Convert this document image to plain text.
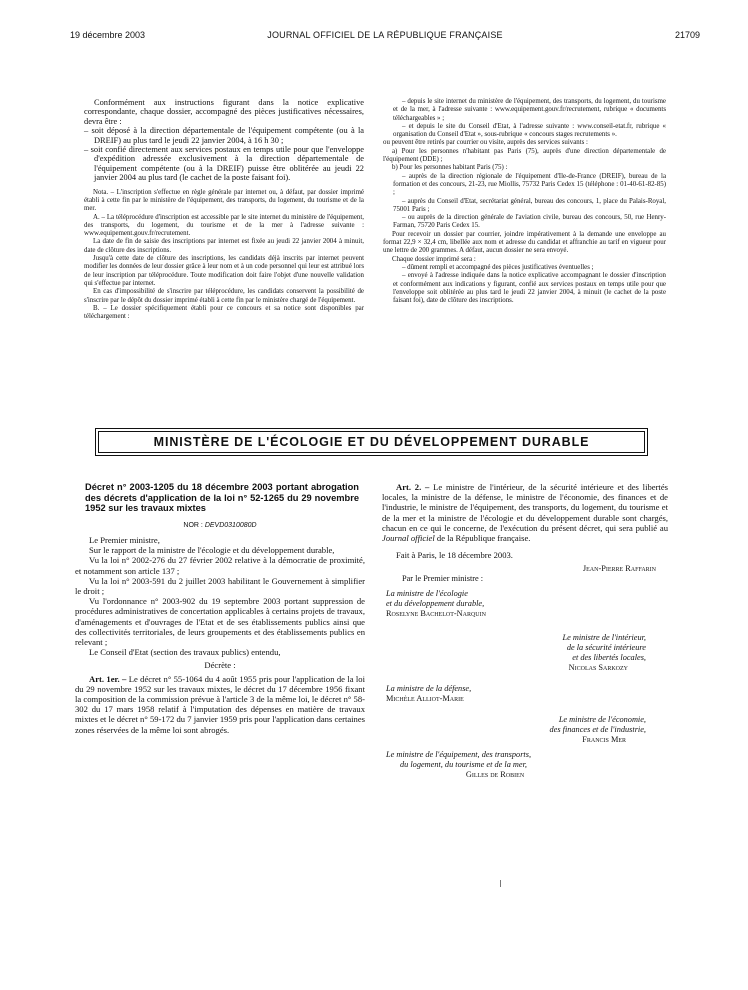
19 décembre 2003	JOURNAL OFFICIEL DE LA RÉPUBLIQUE FRANÇAISE	21709

Conformément aux instructions figurant dans la notice explicative correspondante, chaque dossier, accompagné des pièces justificatives nécessaires, devra être :

– soit déposé à la direction départementale de l'équipement compétente (ou à la DREIF) au plus tard le jeudi 22 janvier 2004, à 16 h 30 ;

– soit confié directement aux services postaux en temps utile pour que l'enveloppe d'expédition adressée exclusivement à la direction départementale de l'équipement compétente (ou à la DREIF) puisse être oblitérée au jeudi 22 janvier 2004 au plus tard (le cachet de la poste faisant foi).

Nota. – L'inscription s'effectue en règle générale par internet ou, à défaut, par dossier imprimé établi à cette fin par le ministère de l'équipement, des transports, du logement, du tourisme et de la mer.

A. – La téléprocédure d'inscription est accessible par le site internet du ministère de l'équipement, des transports, du logement, du tourisme et de la mer à l'adresse suivante : www.equipement.gouv.fr/recrutement.

La date de fin de saisie des inscriptions par internet est fixée au jeudi 22 janvier 2004 à minuit, date de clôture des inscriptions.

Jusqu'à cette date de clôture des inscriptions, les candidats déjà inscrits par internet peuvent modifier les données de leur dossier grâce à leur nom et à un code personnel qui leur est attribué lors de leur inscription par téléprocédure. Toute modification doit faire l'objet d'une nouvelle validation qui s'effectue par internet.

En cas d'impossibilité de s'inscrire par téléprocédure, les candidats conservent la possibilité de s'inscrire par le dépôt du dossier imprimé établi à cette fin par le ministère chargé de l'équipement.

B. – Le dossier spécifiquement établi pour ce concours et sa notice sont disponibles par téléchargement :

– depuis le site internet du ministère de l'équipement, des transports, du logement, du tourisme et de la mer, à l'adresse suivante : www.equipement.gouv.fr/recrutement, rubrique « documents téléchargeables » ;

– et depuis le site du Conseil d'Etat, à l'adresse suivante : www.conseil-etat.fr, rubrique « organisation du Conseil d'Etat », sous-rubrique « concours stages recrutements ».

ou peuvent être retirés par courrier ou visite, auprès des services suivants :

a) Pour les personnes n'habitant pas Paris (75), auprès d'une direction départementale de l'équipement (DDE) ;

b) Pour les personnes habitant Paris (75) :

– auprès de la direction régionale de l'équipement d'Ile-de-France (DREIF), bureau de la formation et des concours, 21-23, rue Miollis, 75732 Paris Cedex 15 (téléphone : 01-40-61-82-85) ;

– auprès du Conseil d'Etat, secrétariat général, bureau des concours, 1, place du Palais-Royal, 75001 Paris ;

– ou auprès de la direction générale de l'aviation civile, bureau des concours, 50, rue Henry-Farman, 75720 Paris Cedex 15.

Pour recevoir un dossier par courrier, joindre impérativement à la demande une enveloppe au format 22,9 × 32,4 cm, libellée aux nom et adresse du candidat et affranchie au tarif en vigueur pour une lettre de 200 grammes. A défaut, aucun dossier ne sera envoyé.

Chaque dossier imprimé sera :

– dûment rempli et accompagné des pièces justificatives éventuelles ;

– envoyé à l'adresse indiquée dans la notice explicative accompagnant le dossier d'inscription et conformément aux indications y figurant, confié aux services postaux en temps utile pour que l'enveloppe soit oblitérée au plus tard le jeudi 22 janvier 2004, à minuit (le cachet de la poste faisant foi), date de clôture des inscriptions.

MINISTÈRE DE L'ÉCOLOGIE ET DU DÉVELOPPEMENT DURABLE

Décret n° 2003-1205 du 18 décembre 2003 portant abrogation des décrets d'application de la loi n° 52-1265 du 29 novembre 1952 sur les travaux mixtes

NOR : DEVD0310080D

Le Premier ministre,

Sur le rapport de la ministre de l'écologie et du développement durable,

Vu la loi n° 2002-276 du 27 février 2002 relative à la démocratie de proximité, et notamment son article 137 ;

Vu la loi n° 2003-591 du 2 juillet 2003 habilitant le Gouvernement à simplifier le droit ;

Vu l'ordonnance n° 2003-902 du 19 septembre 2003 portant suppression de procédures administratives de concertation applicables à certains projets de travaux, d'aménagements et d'ouvrages de l'Etat et de ses établissements publics ainsi que des collectivités territoriales, de leurs groupements et des établissements publics en relevant ;

Le Conseil d'Etat (section des travaux publics) entendu,

Décrète :

Art. 1er. – Le décret n° 55-1064 du 4 août 1955 pris pour l'application de la loi du 29 novembre 1952 sur les travaux mixtes, le décret du 17 décembre 1956 fixant la composition de la commission prévue à l'article 3 de la même loi, le décret n° 58-302 du 17 mars 1958 relatif à l'imputation des dépenses en matière de travaux mixtes et le décret n° 59-172 du 7 janvier 1959 pris pour l'application dans certaines zones réservées de la même loi sont abrogés.

Art. 2. – Le ministre de l'intérieur, de la sécurité intérieure et des libertés locales, la ministre de la défense, le ministre de l'économie, des finances et de l'industrie, le ministre de l'équipement, des transports, du logement, du tourisme et de la mer et la ministre de l'écologie et du développement durable sont chargés, chacun en ce qui le concerne, de l'exécution du présent décret, qui sera publié au Journal officiel de la République française.

Fait à Paris, le 18 décembre 2003.

Jean-Pierre Raffarin

Par le Premier ministre :

La ministre de l'écologie

et du développement durable,

Roselyne Bachelot-Narquin

Le ministre de l'intérieur,

de la sécurité intérieure

et des libertés locales,

Nicolas Sarkozy

La ministre de la défense,

Michèle Alliot-Marie

Le ministre de l'économie,

des finances et de l'industrie,

Francis Mer

Le ministre de l'équipement, des transports,

du logement, du tourisme et de la mer,

Gilles de Robien
